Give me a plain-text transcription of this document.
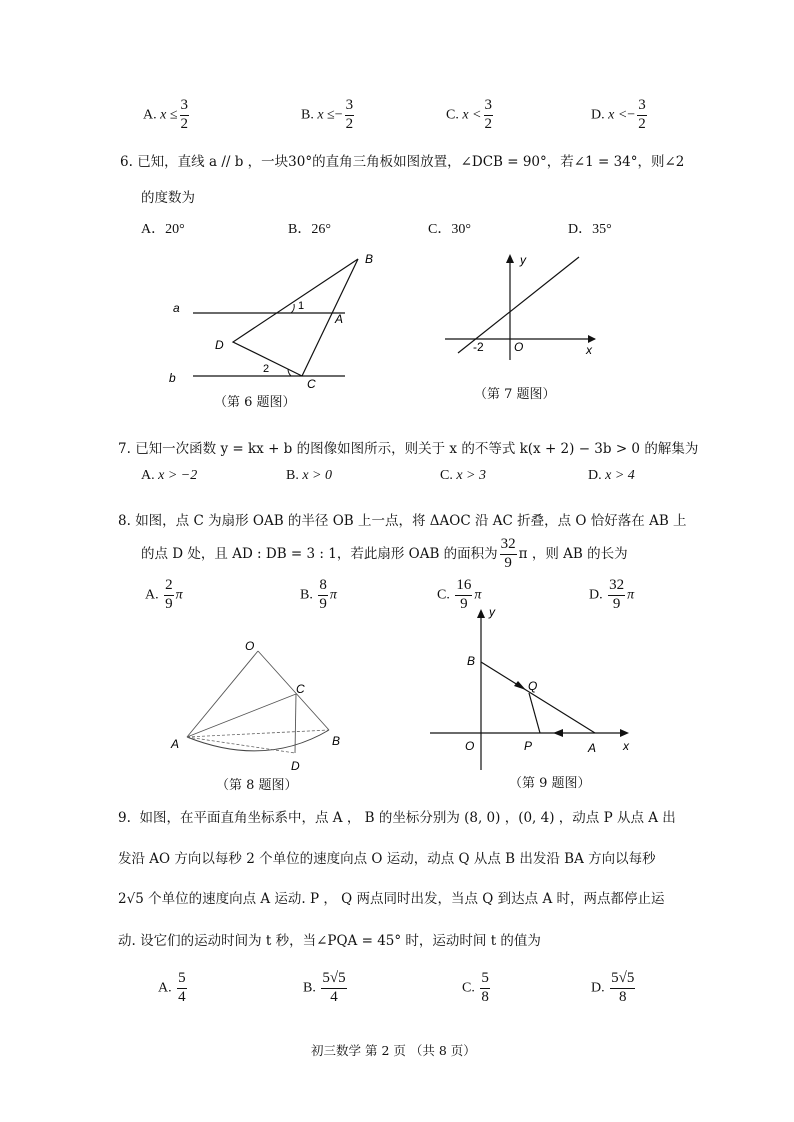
A. $x \le \frac{3}{2}$	B. $x \le- \frac{3}{2}$	C. $x < \frac{3}{2}$	D. $x <- \frac{3}{2}$
6. 已知，直线 a // b ，一块30°的直角三角板如图放置，∠DCB = 90°，若∠1 = 34°，则∠2
的度数为
A．20°	B．26°	C．30°	D．35°
B
a	1
A
D
2
b	C
（第 6 题图）
y
x
-2	O
（第 7 题图）
7. 已知一次函数 y = kx + b 的图像如图所示，则关于 x 的不等式 k(x + 2) − 3b > 0 的解集为
A. x > −2	B. x > 0	C. x > 3	D. x > 4
8. 如图，点 C 为扇形 OAB 的半径 OB 上一点，将 ΔAOC 沿 AC 折叠，点 O 恰好落在 AB 上
的点 D 处，且 AD : DB = 3 : 1，若此扇形 OAB 的面积为 $\frac{32}{9}$ π ，则 AB 的长为
A. $\frac{2}{9}$ π	B. $\frac{8}{9}$ π	C. $\frac{16}{9}$ π	D. $\frac{32}{9}$ π
O
C
A	B
D
（第 8 题图）
y
B
Q
O	P	A x
（第 9 题图）
9. 如图，在平面直角坐标系中，点 A ， B 的坐标分别为 (8, 0) ，(0, 4) ，动点 P 从点 A 出
发沿 AO 方向以每秒 2 个单位的速度向点 O 运动，动点 Q 从点 B 出发沿 BA 方向以每秒
2√5 个单位的速度向点 A 运动. P ， Q 两点同时出发，当点 Q 到达点 A 时，两点都停止运
动. 设它们的运动时间为 t 秒，当∠PQA = 45° 时，运动时间 t 的值为
A. $\frac{5}{4}$	B. $\frac{5√5}{4}$	C. $\frac{5}{8}$	D. $\frac{5√5}{8}$
初三数学 第 2 页 （共 8 页）
